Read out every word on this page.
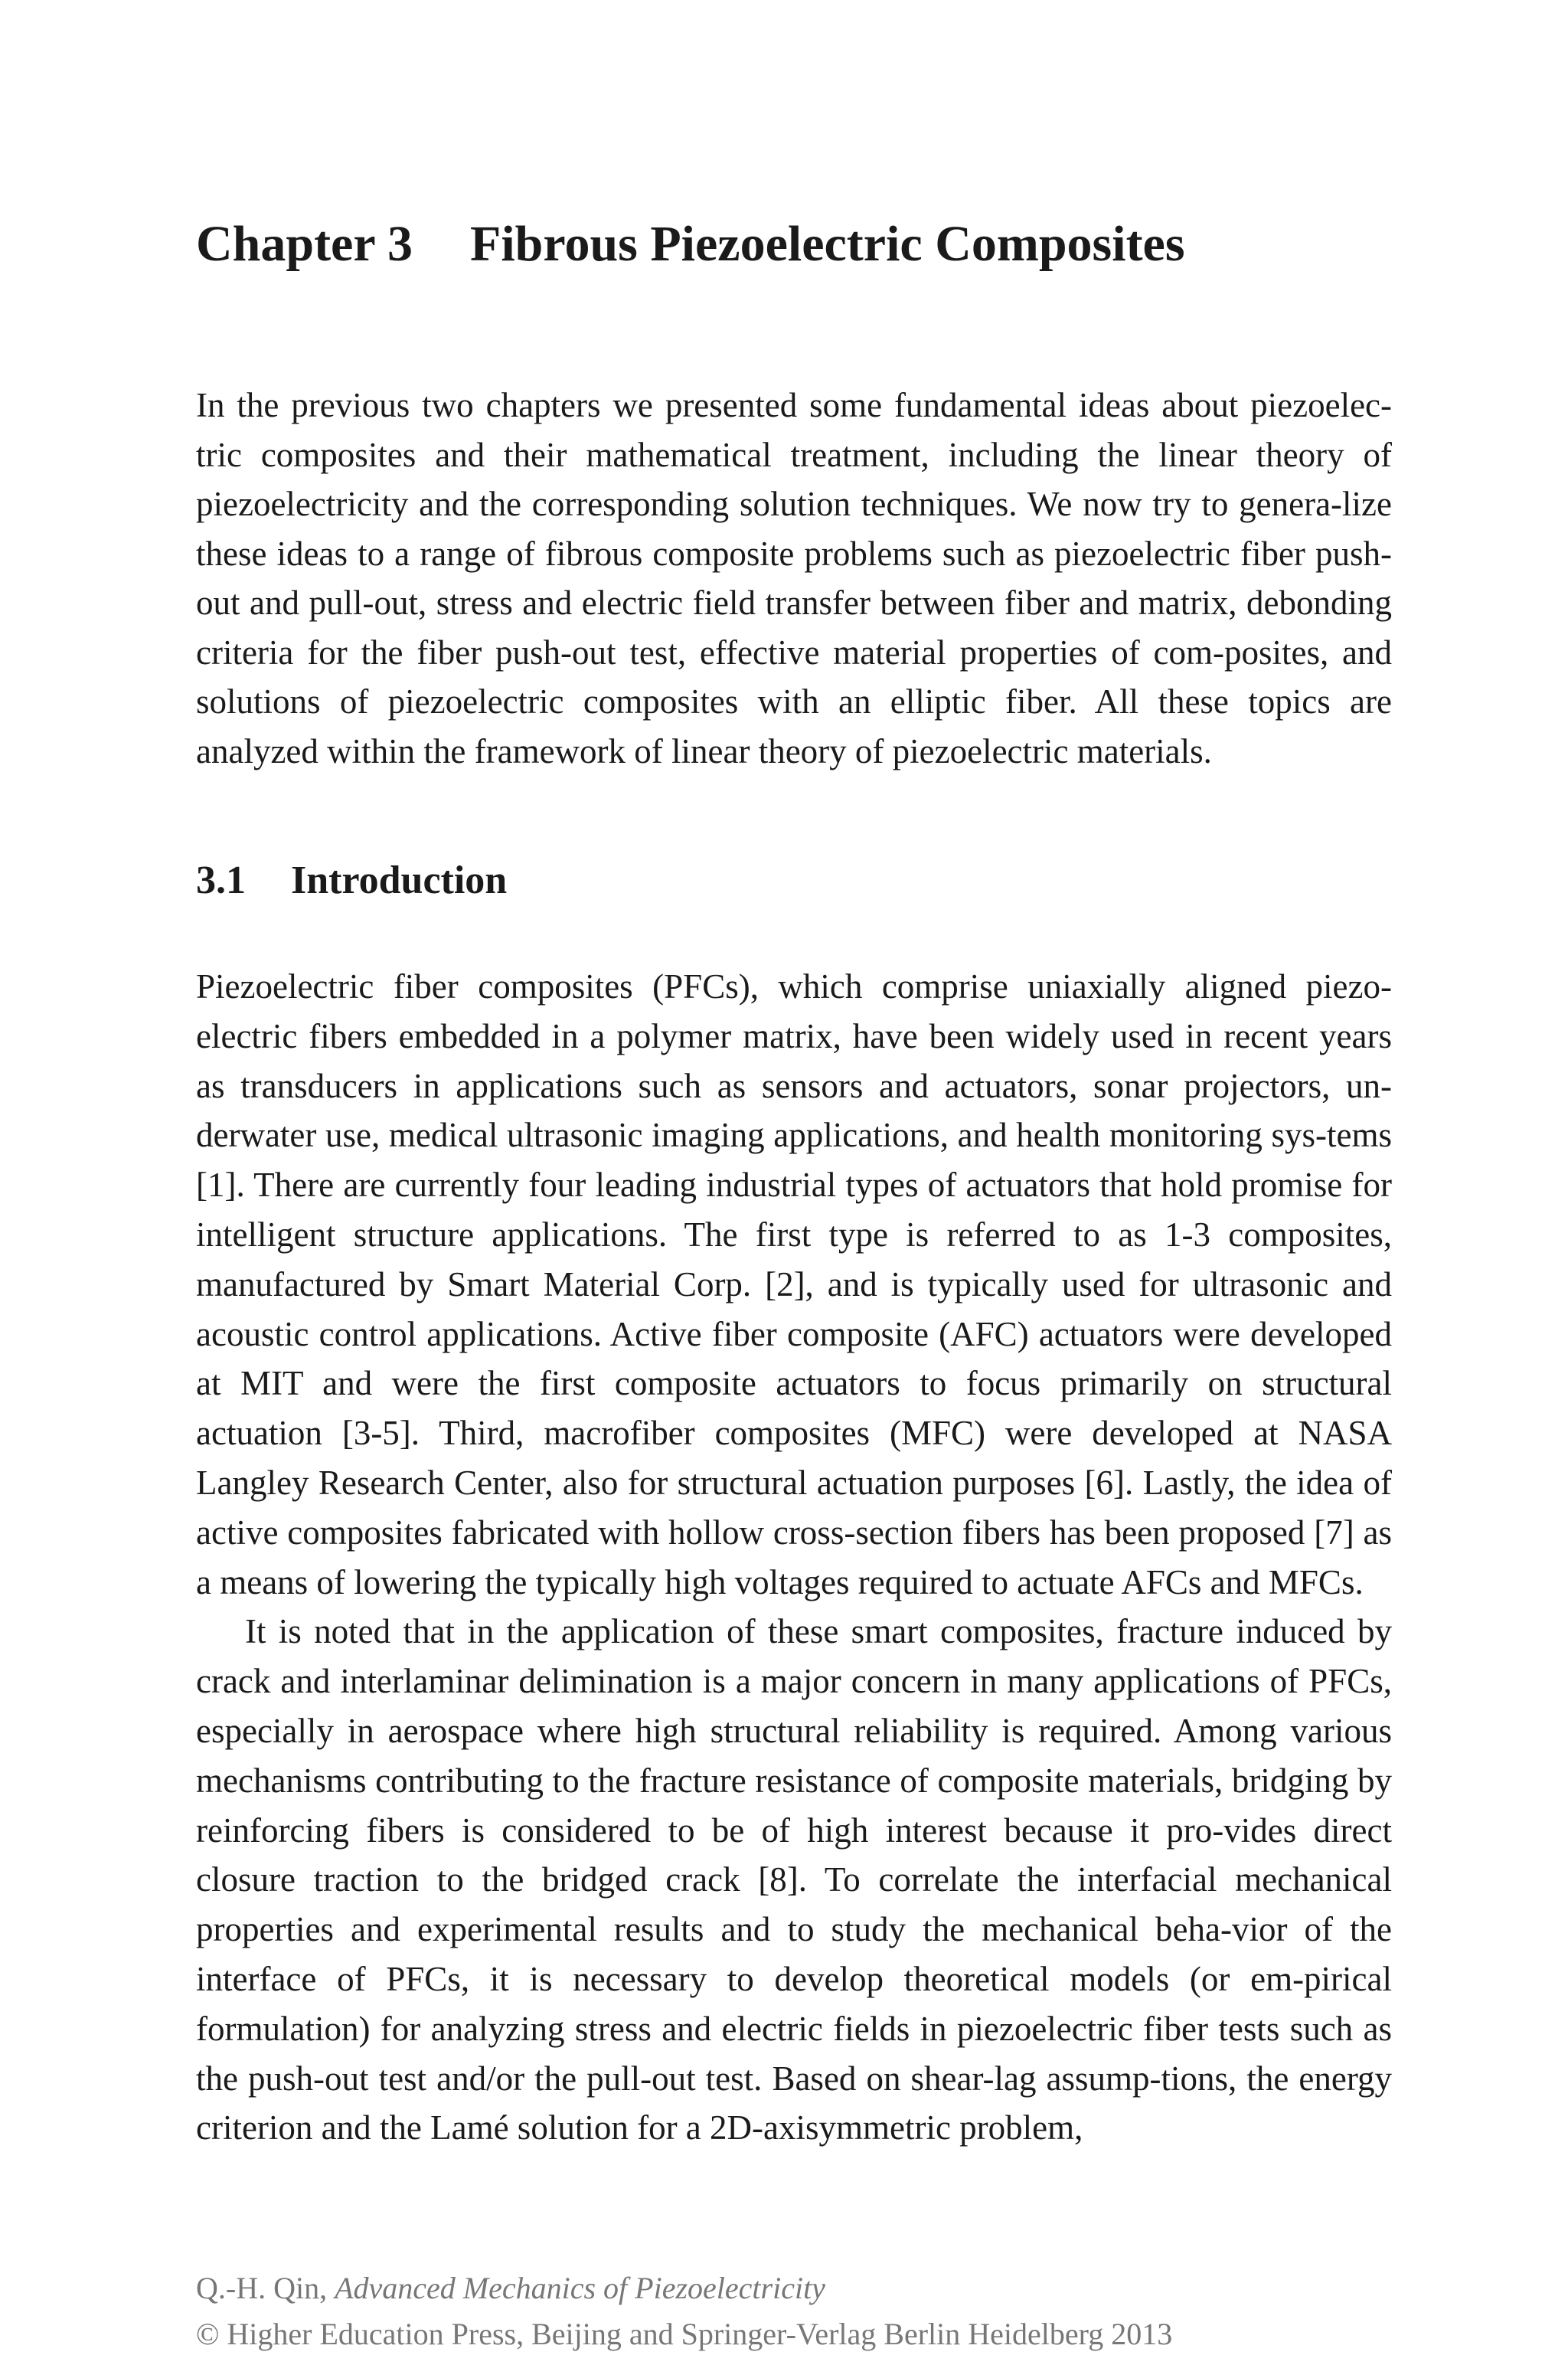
Chapter 3 Fibrous Piezoelectric Composites

In the previous two chapters we presented some fundamental ideas about piezoelec-tric composites and their mathematical treatment, including the linear theory of piezoelectricity and the corresponding solution techniques. We now try to genera-lize these ideas to a range of fibrous composite problems such as piezoelectric fiber push-out and pull-out, stress and electric field transfer between fiber and matrix, debonding criteria for the fiber push-out test, effective material properties of com-posites, and solutions of piezoelectric composites with an elliptic fiber. All these topics are analyzed within the framework of linear theory of piezoelectric materials.

3.1 Introduction

Piezoelectric fiber composites (PFCs), which comprise uniaxially aligned piezo-electric fibers embedded in a polymer matrix, have been widely used in recent years as transducers in applications such as sensors and actuators, sonar projectors, un-derwater use, medical ultrasonic imaging applications, and health monitoring sys-tems [1]. There are currently four leading industrial types of actuators that hold promise for intelligent structure applications. The first type is referred to as 1-3 composites, manufactured by Smart Material Corp. [2], and is typically used for ultrasonic and acoustic control applications. Active fiber composite (AFC) actuators were developed at MIT and were the first composite actuators to focus primarily on structural actuation [3-5]. Third, macrofiber composites (MFC) were developed at NASA Langley Research Center, also for structural actuation purposes [6]. Lastly, the idea of active composites fabricated with hollow cross-section fibers has been proposed [7] as a means of lowering the typically high voltages required to actuate AFCs and MFCs.

It is noted that in the application of these smart composites, fracture induced by crack and interlaminar delimination is a major concern in many applications of PFCs, especially in aerospace where high structural reliability is required. Among various mechanisms contributing to the fracture resistance of composite materials, bridging by reinforcing fibers is considered to be of high interest because it pro-vides direct closure traction to the bridged crack [8]. To correlate the interfacial mechanical properties and experimental results and to study the mechanical beha-vior of the interface of PFCs, it is necessary to develop theoretical models (or em-pirical formulation) for analyzing stress and electric fields in piezoelectric fiber tests such as the push-out test and/or the pull-out test. Based on shear-lag assump-tions, the energy criterion and the Lamé solution for a 2D-axisymmetric problem,

Q.-H. Qin, Advanced Mechanics of Piezoelectricity
© Higher Education Press, Beijing and Springer-Verlag Berlin Heidelberg 2013
